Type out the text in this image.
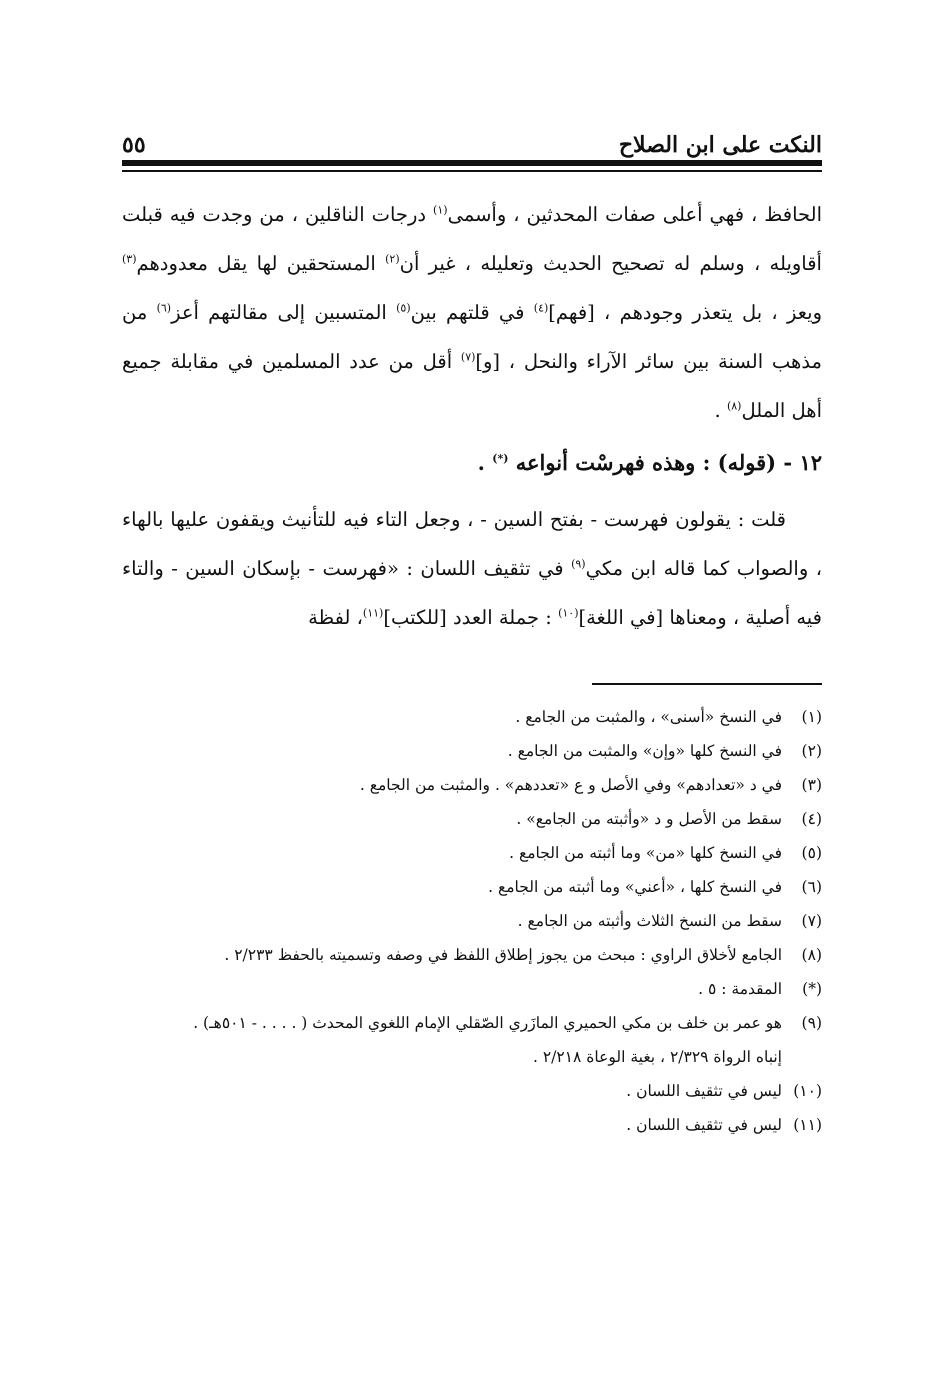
النكت على ابن الصلاح
٥٥

الحافظ ، فهي أعلى صفات المحدثين ، وأسمى$^{(١)}$ درجات الناقلين ، من وجدت فيه قبلت أقاويله ، وسلم له تصحيح الحديث وتعليله ، غير أن$^{(٢)}$ المستحقين لها يقل معدودهم$^{(٣)}$ ويعز ، بل يتعذر وجودهم ، [فهم]$^{(٤)}$ في قلتهم بين$^{(٥)}$ المتسبين إلى مقالتهم أعز$^{(٦)}$ من مذهب السنة بين سائر الآراء والنحل ، [و]$^{(٧)}$ أقل من عدد المسلمين في مقابلة جميع أهل الملل$^{(٨)}$ .

١٢ - (قوله) : وهذه فهرسْت أنواعه (*) .

قلت : يقولون فهرست - بفتح السين - ، وجعل التاء فيه للتأنيث ويقفون عليها بالهاء ، والصواب كما قاله ابن مكي$^{(٩)}$ في تثقيف اللسان : «فهرست - بإسكان السين - والتاء فيه أصلية ، ومعناها [في اللغة]$^{(١٠)}$ : جملة العدد [للكتب]$^{(١١)}$، لفظة

(١)
في النسخ «أسنى» ، والمثبت من الجامع .
(٢)
في النسخ كلها «وإن» والمثبت من الجامع .
(٣)
في د «تعدادهم» وفي الأصل و ع «تعددهم» . والمثبت من الجامع .
(٤)
سقط من الأصل و د «وأثبته من الجامع» .
(٥)
في النسخ كلها «من» وما أثبته من الجامع .
(٦)
في النسخ كلها ، «أعني» وما أثبته من الجامع .
(٧)
سقط من النسخ الثلاث وأثبته من الجامع .
(٨)
الجامع لأخلاق الراوي : مبحث من يجوز إطلاق اللفظ في وصفه وتسميته بالحفظ ٢/٢٣٣ .
(*)
المقدمة : ٥ .
(٩)
هو عمر بن خلف بن مكي الحميري المازَري الصّقلي الإمام اللغوي المحدث ( . . . . - ٥٠١هـ) .
إنباه الرواة ٢/٣٢٩ ، بغية الوعاة ٢/٢١٨ .
(١٠)
ليس في تثقيف اللسان .
(١١)
ليس في تثقيف اللسان .
